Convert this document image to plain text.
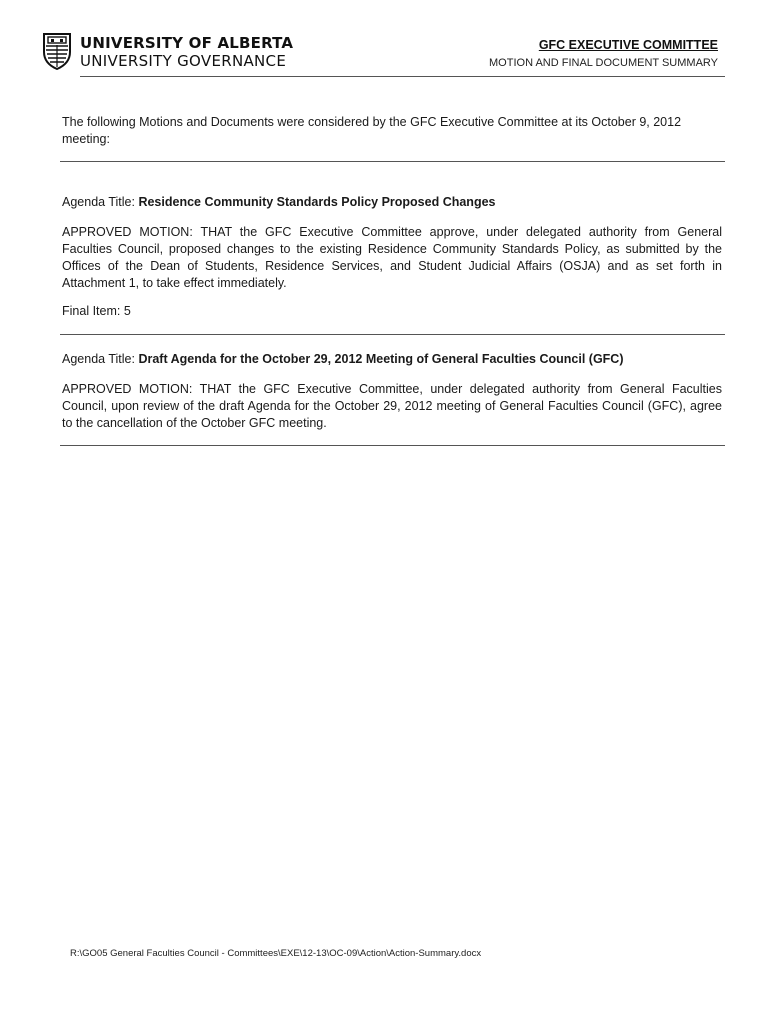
UNIVERSITY OF ALBERTA
UNIVERSITY GOVERNANCE
GFC EXECUTIVE COMMITTEE
MOTION AND FINAL DOCUMENT SUMMARY
The following Motions and Documents were considered by the GFC Executive Committee at its October 9, 2012 meeting:
Agenda Title: Residence Community Standards Policy Proposed Changes
APPROVED MOTION: THAT the GFC Executive Committee approve, under delegated authority from General Faculties Council, proposed changes to the existing Residence Community Standards Policy, as submitted by the Offices of the Dean of Students, Residence Services, and Student Judicial Affairs (OSJA) and as set forth in Attachment 1, to take effect immediately.
Final Item: 5
Agenda Title: Draft Agenda for the October 29, 2012 Meeting of General Faculties Council (GFC)
APPROVED MOTION: THAT the GFC Executive Committee, under delegated authority from General Faculties Council, upon review of the draft Agenda for the October 29, 2012 meeting of General Faculties Council (GFC), agree to the cancellation of the October GFC meeting.
R:\GO05 General Faculties Council - Committees\EXE\12-13\OC-09\Action\Action-Summary.docx
